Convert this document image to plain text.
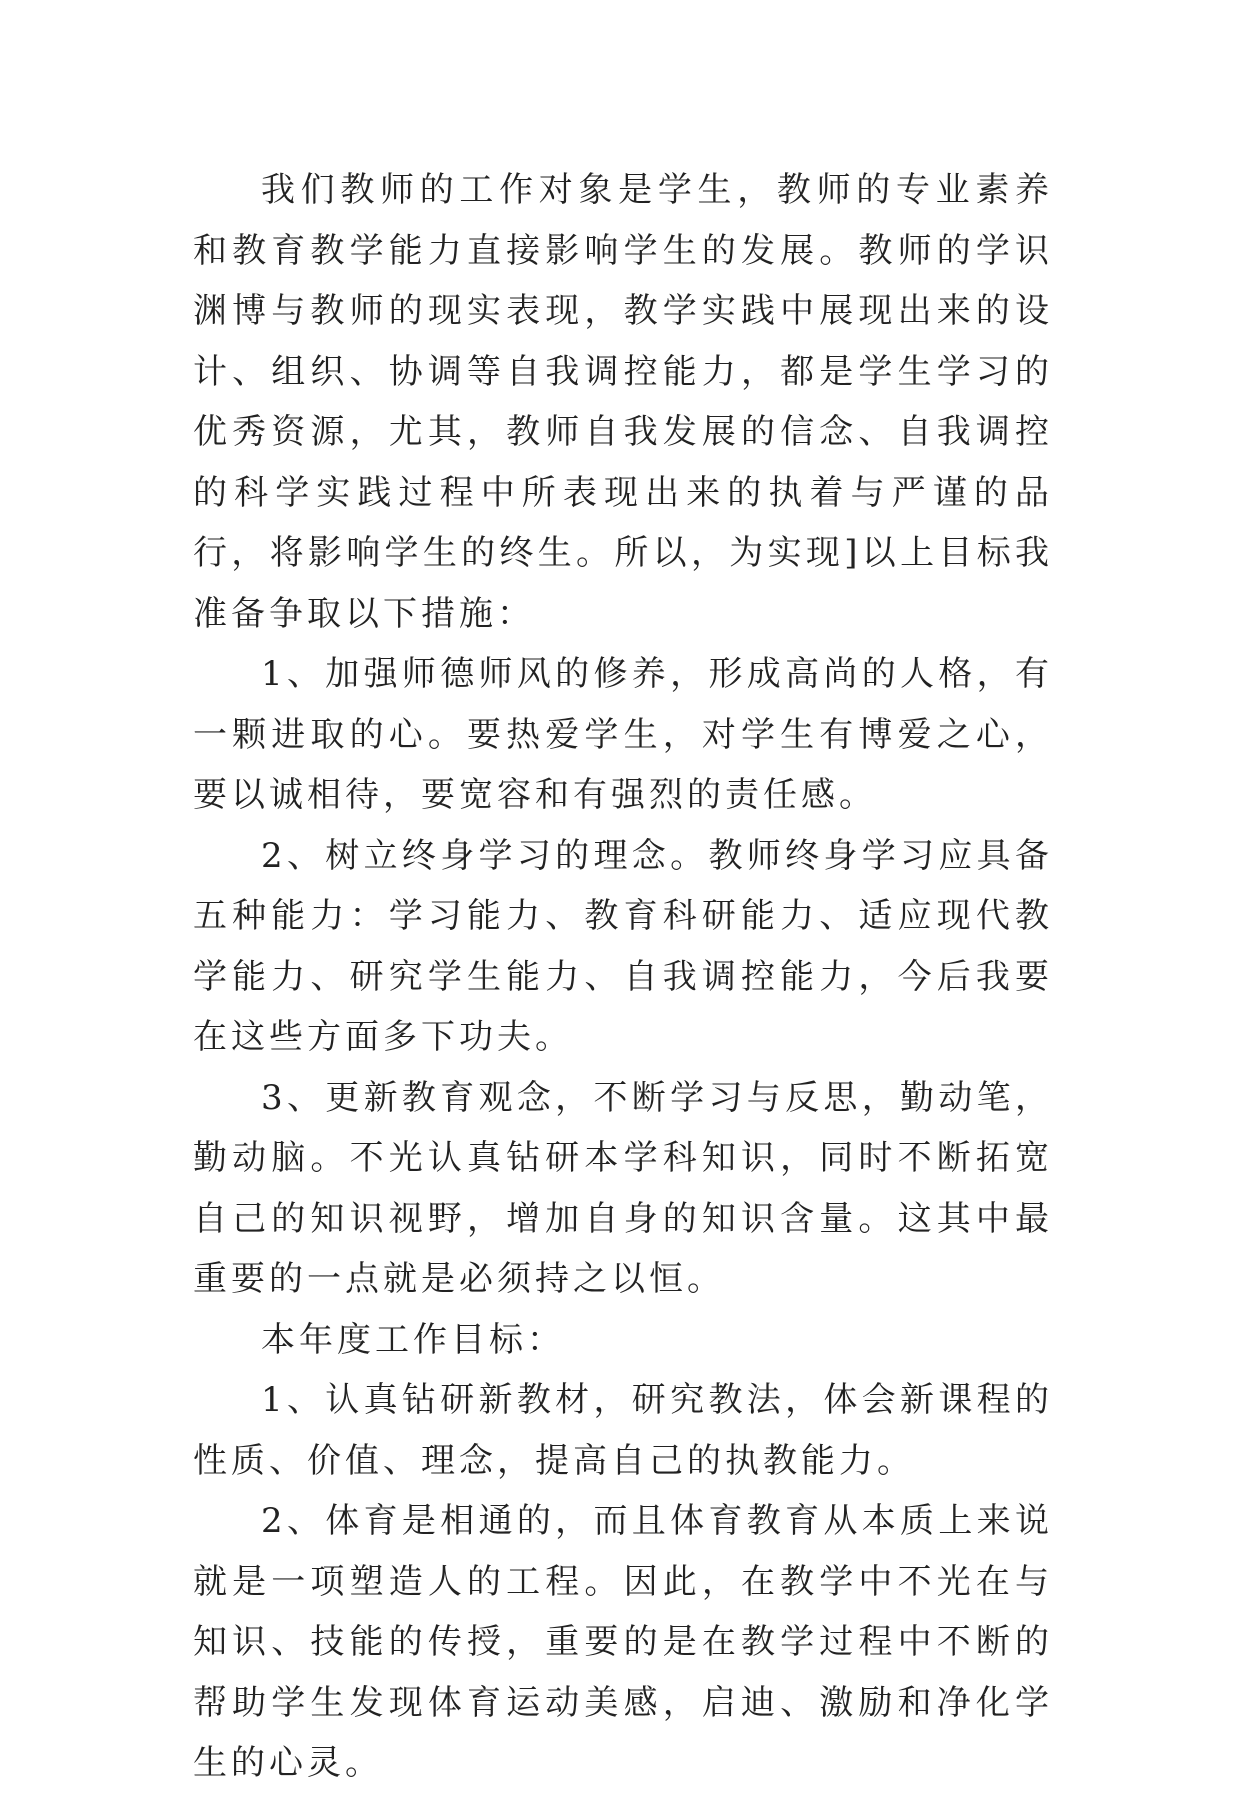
我们教师的工作对象是学生，教师的专业素养和教育教学能力直接影响学生的发展。教师的学识渊博与教师的现实表现，教学实践中展现出来的设计、组织、协调等自我调控能力，都是学生学习的优秀资源，尤其，教师自我发展的信念、自我调控的科学实践过程中所表现出来的执着与严谨的品行，将影响学生的终生。所以，为实现]以上目标我准备争取以下措施：

1、加强师德师风的修养，形成高尚的人格，有一颗进取的心。要热爱学生，对学生有博爱之心，要以诚相待，要宽容和有强烈的责任感。

2、树立终身学习的理念。教师终身学习应具备五种能力：学习能力、教育科研能力、适应现代教学能力、研究学生能力、自我调控能力，今后我要在这些方面多下功夫。

3、更新教育观念，不断学习与反思，勤动笔，勤动脑。不光认真钻研本学科知识，同时不断拓宽自己的知识视野，增加自身的知识含量。这其中最重要的一点就是必须持之以恒。

本年度工作目标：

1、认真钻研新教材，研究教法，体会新课程的性质、价值、理念，提高自己的执教能力。

2、体育是相通的，而且体育教育从本质上来说就是一项塑造人的工程。因此，在教学中不光在与知识、技能的传授，重要的是在教学过程中不断的帮助学生发现体育运动美感，启迪、激励和净化学生的心灵。
